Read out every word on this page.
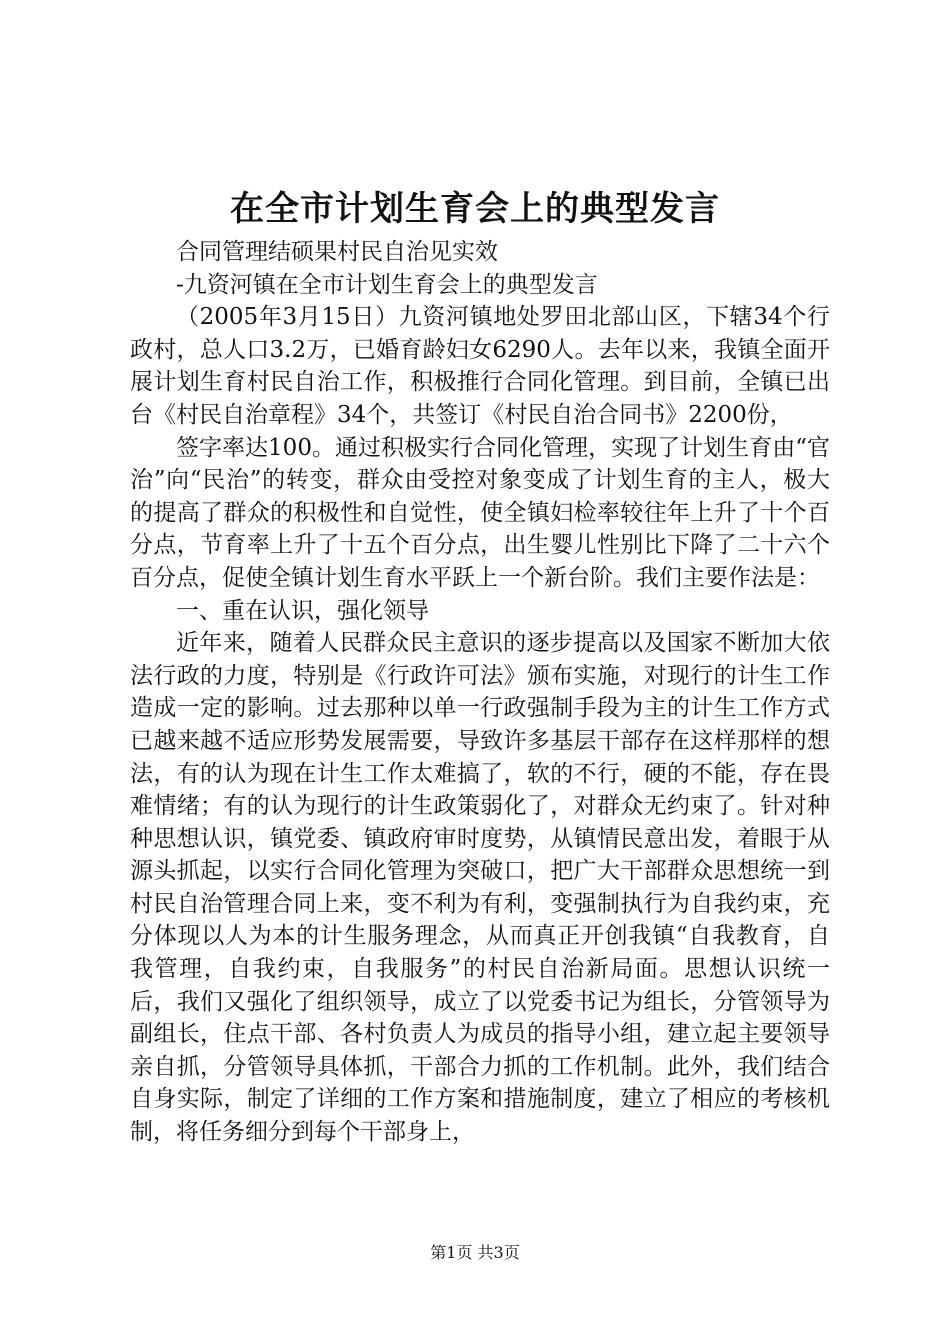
在全市计划生育会上的典型发言

合同管理结硕果村民自治见实效

-九资河镇在全市计划生育会上的典型发言

（2005年3月15日）九资河镇地处罗田北部山区，下辖34个行政村，总人口3.2万，已婚育龄妇女6290人。去年以来，我镇全面开展计划生育村民自治工作，积极推行合同化管理。到目前，全镇已出台《村民自治章程》34个，共签订《村民自治合同书》2200份，

签字率达100。通过积极实行合同化管理，实现了计划生育由“官治”向“民治”的转变，群众由受控对象变成了计划生育的主人，极大的提高了群众的积极性和自觉性，使全镇妇检率较往年上升了十个百分点，节育率上升了十五个百分点，出生婴儿性别比下降了二十六个百分点，促使全镇计划生育水平跃上一个新台阶。我们主要作法是：

一、重在认识，强化领导

近年来，随着人民群众民主意识的逐步提高以及国家不断加大依法行政的力度，特别是《行政许可法》颁布实施，对现行的计生工作造成一定的影响。过去那种以单一行政强制手段为主的计生工作方式已越来越不适应形势发展需要，导致许多基层干部存在这样那样的想法，有的认为现在计生工作太难搞了，软的不行，硬的不能，存在畏难情绪；有的认为现行的计生政策弱化了，对群众无约束了。针对种种思想认识，镇党委、镇政府审时度势，从镇情民意出发，着眼于从源头抓起，以实行合同化管理为突破口，把广大干部群众思想统一到村民自治管理合同上来，变不利为有利，变强制执行为自我约束，充分体现以人为本的计生服务理念，从而真正开创我镇“自我教育，自我管理，自我约束，自我服务”的村民自治新局面。思想认识统一后，我们又强化了组织领导，成立了以党委书记为组长，分管领导为副组长，住点干部、各村负责人为成员的指导小组，建立起主要领导亲自抓，分管领导具体抓，干部合力抓的工作机制。此外，我们结合自身实际，制定了详细的工作方案和措施制度，建立了相应的考核机制，将任务细分到每个干部身上，

第1页 共3页
